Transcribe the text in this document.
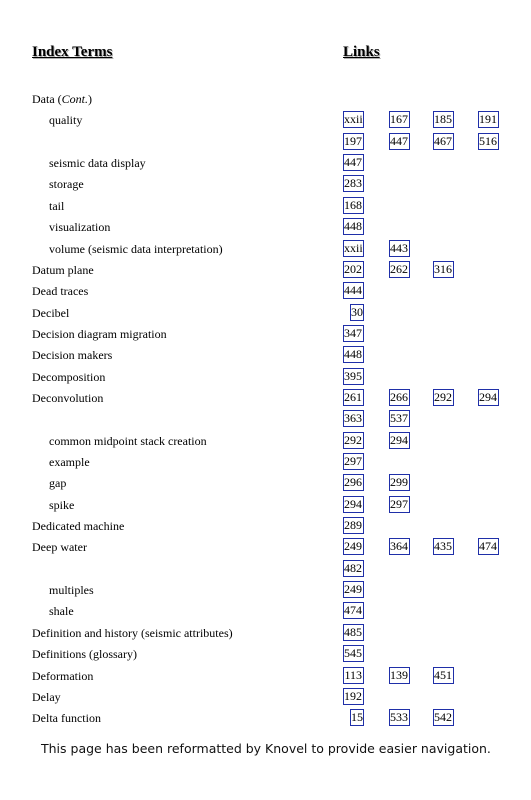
Index Terms	Links
Data (Cont.)
quality	xxii 167 185 191
197 447 467 516
seismic data display	447
storage	283
tail	168
visualization	448
volume (seismic data interpretation)	xxii 443
Datum plane	202 262 316
Dead traces	444
Decibel	30
Decision diagram migration	347
Decision makers	448
Decomposition	395
Deconvolution	261 266 292 294
363 537
common midpoint stack creation	292 294
example	297
gap	296 299
spike	294 297
Dedicated machine	289
Deep water	249 364 435 474
482
multiples	249
shale	474
Definition and history (seismic attributes)	485
Definitions (glossary)	545
Deformation	113 139 451
Delay	192
Delta function	15 533 542
This page has been reformatted by Knovel to provide easier navigation.
